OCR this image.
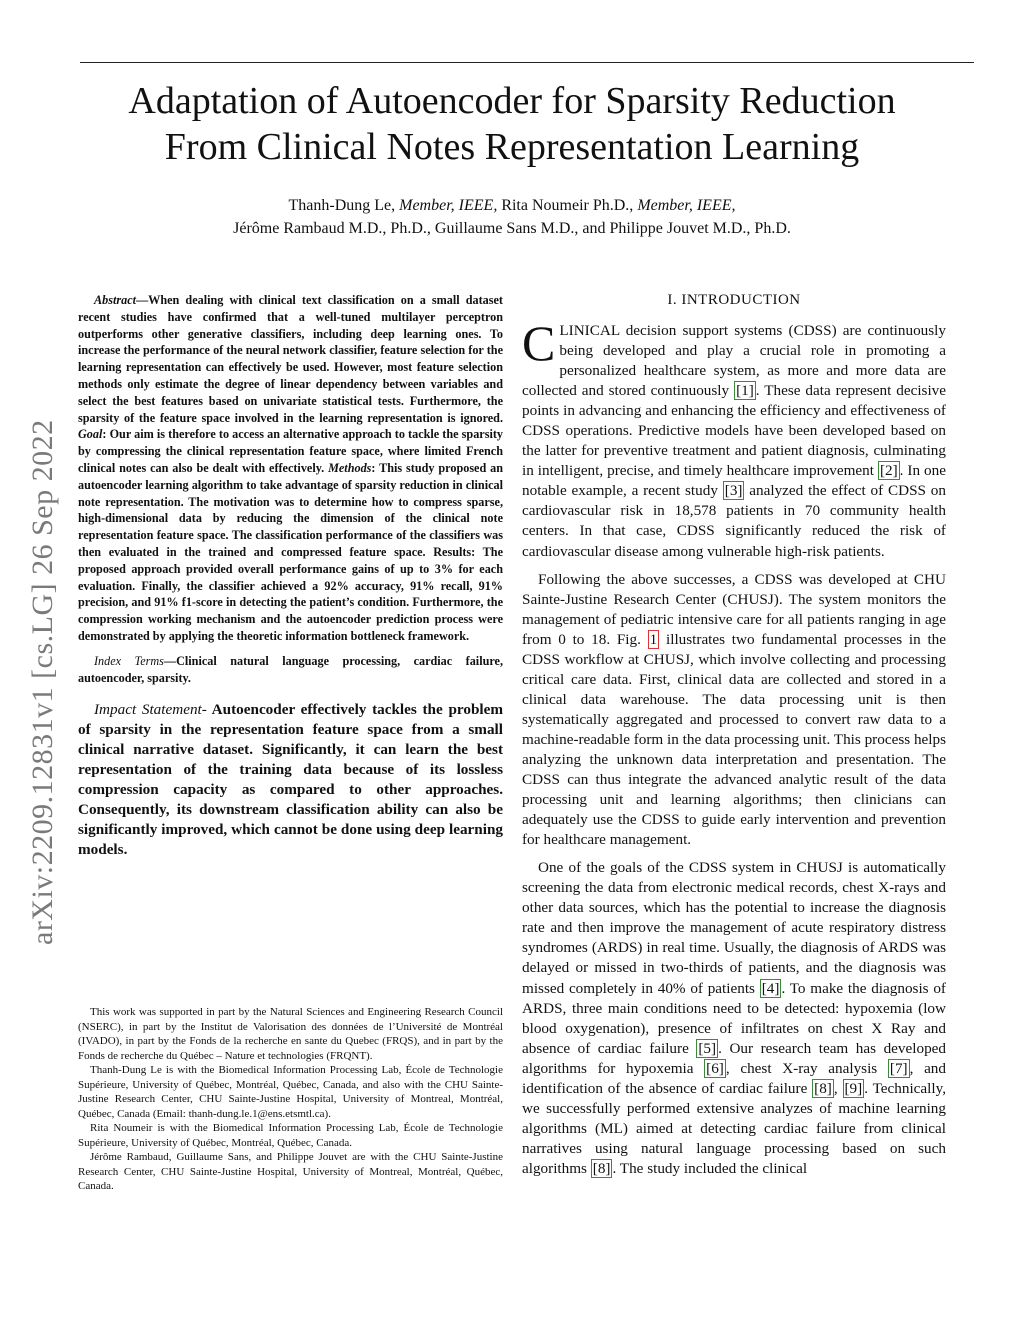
Adaptation of Autoencoder for Sparsity Reduction
From Clinical Notes Representation Learning
Thanh-Dung Le, Member, IEEE, Rita Noumeir Ph.D., Member, IEEE,
Jérôme Rambaud M.D., Ph.D., Guillaume Sans M.D., and Philippe Jouvet M.D., Ph.D.
arXiv:2209.12831v1 [cs.LG] 26 Sep 2022

Abstract—When dealing with clinical text classification on a small dataset recent studies have confirmed that a well-tuned multilayer perceptron outperforms other generative classifiers, including deep learning ones. To increase the performance of the neural network classifier, feature selection for the learning representation can effectively be used. However, most feature selection methods only estimate the degree of linear dependency between variables and select the best features based on univariate statistical tests. Furthermore, the sparsity of the feature space involved in the learning representation is ignored. Goal: Our aim is therefore to access an alternative approach to tackle the sparsity by compressing the clinical representation feature space, where limited French clinical notes can also be dealt with effectively. Methods: This study proposed an autoencoder learning algorithm to take advantage of sparsity reduction in clinical note representation. The motivation was to determine how to compress sparse, high-dimensional data by reducing the dimension of the clinical note representation feature space. The classification performance of the classifiers was then evaluated in the trained and compressed feature space. Results: The proposed approach provided overall performance gains of up to 3% for each evaluation. Finally, the classifier achieved a 92% accuracy, 91% recall, 91% precision, and 91% f1-score in detecting the patient’s condition. Furthermore, the compression working mechanism and the autoencoder prediction process were demonstrated by applying the theoretic information bottleneck framework.

Index Terms—Clinical natural language processing, cardiac failure, autoencoder, sparsity.

Impact Statement- Autoencoder effectively tackles the problem of sparsity in the representation feature space from a small clinical narrative dataset. Significantly, it can learn the best representation of the training data because of its lossless compression capacity as compared to other approaches. Consequently, its downstream classification ability can also be significantly improved, which cannot be done using deep learning models.

This work was supported in part by the Natural Sciences and Engineering Research Council (NSERC), in part by the Institut de Valorisation des données de l’Université de Montréal (IVADO), in part by the Fonds de la recherche en sante du Quebec (FRQS), and in part by the Fonds de recherche du Québec – Nature et technologies (FRQNT).

Thanh-Dung Le is with the Biomedical Information Processing Lab, École de Technologie Supérieure, University of Québec, Montréal, Québec, Canada, and also with the CHU Sainte-Justine Research Center, CHU Sainte-Justine Hospital, University of Montreal, Montréal, Québec, Canada (Email: thanh-dung.le.1@ens.etsmtl.ca).

Rita Noumeir is with the Biomedical Information Processing Lab, École de Technologie Supérieure, University of Québec, Montréal, Québec, Canada.

Jérôme Rambaud, Guillaume Sans, and Philippe Jouvet are with the CHU Sainte-Justine Research Center, CHU Sainte-Justine Hospital, University of Montreal, Montréal, Québec, Canada.

I. INTRODUCTION

CLINICAL decision support systems (CDSS) are continuously being developed and play a crucial role in promoting a personalized healthcare system, as more and more data are collected and stored continuously [1] . These data represent decisive points in advancing and enhancing the efficiency and effectiveness of CDSS operations. Predictive models have been developed based on the latter for preventive treatment and patient diagnosis, culminating in intelligent, precise, and timely healthcare improvement [2] . In one notable example, a recent study [3] analyzed the effect of CDSS on cardiovascular risk in 18,578 patients in 70 community health centers. In that case, CDSS significantly reduced the risk of cardiovascular disease among vulnerable high-risk patients.

Following the above successes, a CDSS was developed at CHU Sainte-Justine Research Center (CHUSJ). The system monitors the management of pediatric intensive care for all patients ranging in age from 0 to 18. Fig. 1 illustrates two fundamental processes in the CDSS workflow at CHUSJ, which involve collecting and processing critical care data. First, clinical data are collected and stored in a clinical data warehouse. The data processing unit is then systematically aggregated and processed to convert raw data to a machine-readable form in the data processing unit. This process helps analyzing the unknown data interpretation and presentation. The CDSS can thus integrate the advanced analytic result of the data processing unit and learning algorithms; then clinicians can adequately use the CDSS to guide early intervention and prevention for healthcare management.

One of the goals of the CDSS system in CHUSJ is automatically screening the data from electronic medical records, chest X-rays and other data sources, which has the potential to increase the diagnosis rate and then improve the management of acute respiratory distress syndromes (ARDS) in real time. Usually, the diagnosis of ARDS was delayed or missed in two-thirds of patients, and the diagnosis was missed completely in 40% of patients [4] . To make the diagnosis of ARDS, three main conditions need to be detected: hypoxemia (low blood oxygenation), presence of infiltrates on chest X Ray and absence of cardiac failure [5] . Our research team has developed algorithms for hypoxemia [6] , chest X-ray analysis [7] , and identification of the absence of cardiac failure [8] , [9] . Technically, we successfully performed extensive analyzes of machine learning algorithms (ML) aimed at detecting cardiac failure from clinical narratives using natural language processing based on such algorithms [8] . The study included the clinical
